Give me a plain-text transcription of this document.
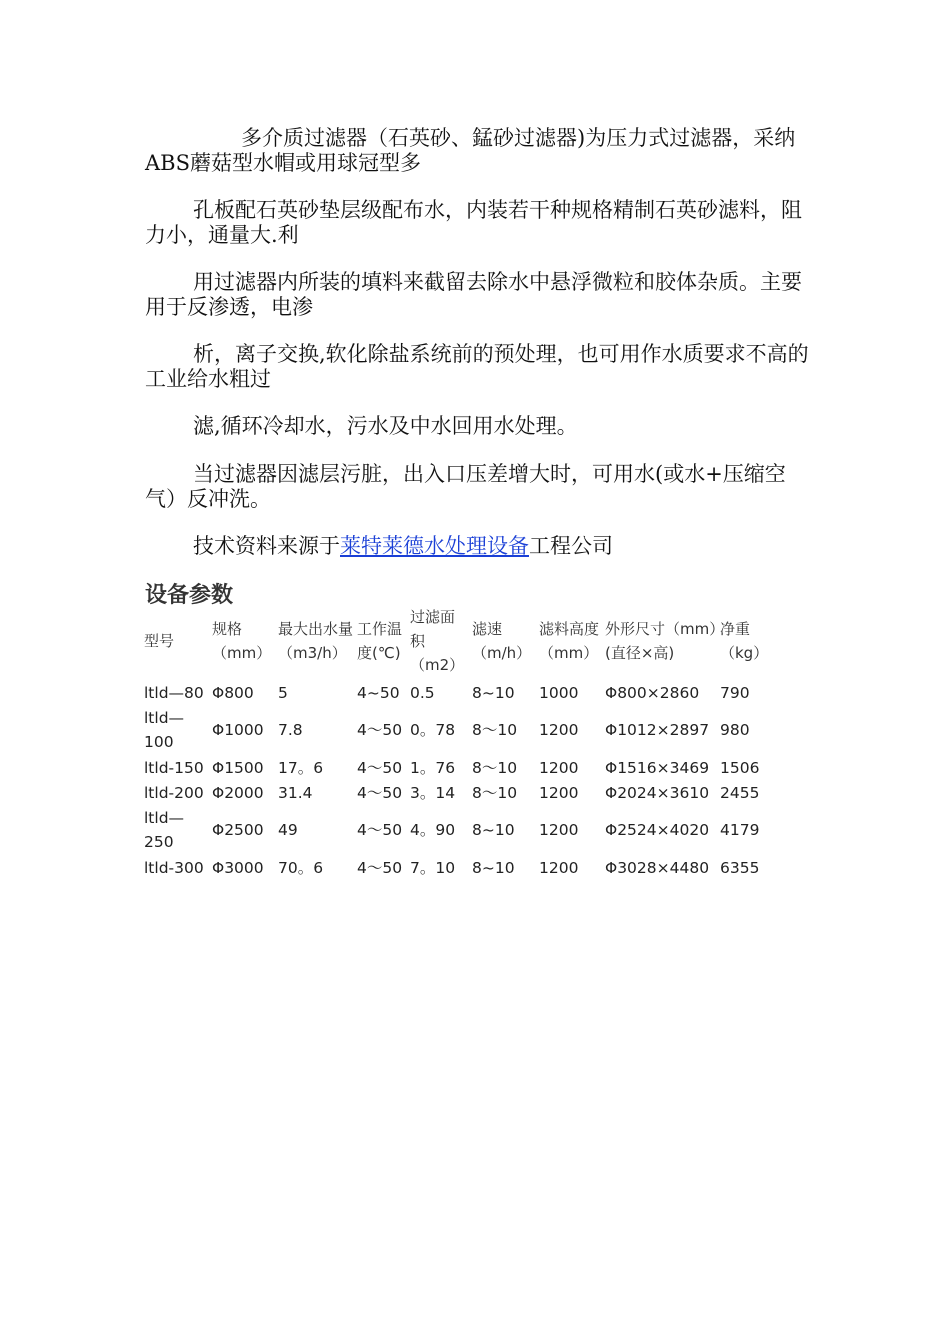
多介质过滤器（石英砂、錳砂过滤器)为压力式过滤器，采纳ABS蘑菇型水帽或用球冠型多

孔板配石英砂垫层级配布水，内装若干种规格精制石英砂滤料，阻力小，通量大.利

用过滤器内所装的填料来截留去除水中悬浮微粒和胶体杂质。主要用于反渗透，电渗

析，离子交换,软化除盐系统前的预处理，也可用作水质要求不高的工业给水粗过

滤,循环冷却水，污水及中水回用水处理。

当过滤器因滤层污脏，出入口压差增大时，可用水(或水+压缩空气）反冲洗。

技术资料来源于莱特莱德水处理设备工程公司

设备参数
型号	规格（mm）	最大出水量（m3/h）	工作温度(℃)	过滤面积（m2）	滤速（m/h）	滤料高度（mm）	外形尺寸（mm）(直径×高)	净重（kg）
ltld—80	Φ800	5	4~50	0.5	8~10	1000	Φ800×2860	790
ltld—100	Φ1000	7.8	4～50	0。78	8～10	1200	Φ1012×2897	980
ltld-150	Φ1500	17。6	4～50	1。76	8～10	1200	Φ1516×3469	1506
ltld-200	Φ2000	31.4	4～50	3。14	8～10	1200	Φ2024×3610	2455
ltld—250	Φ2500	49	4～50	4。90	8~10	1200	Φ2524×4020	4179
ltld-300	Φ3000	70。6	4～50	7。10	8~10	1200	Φ3028×4480	6355
